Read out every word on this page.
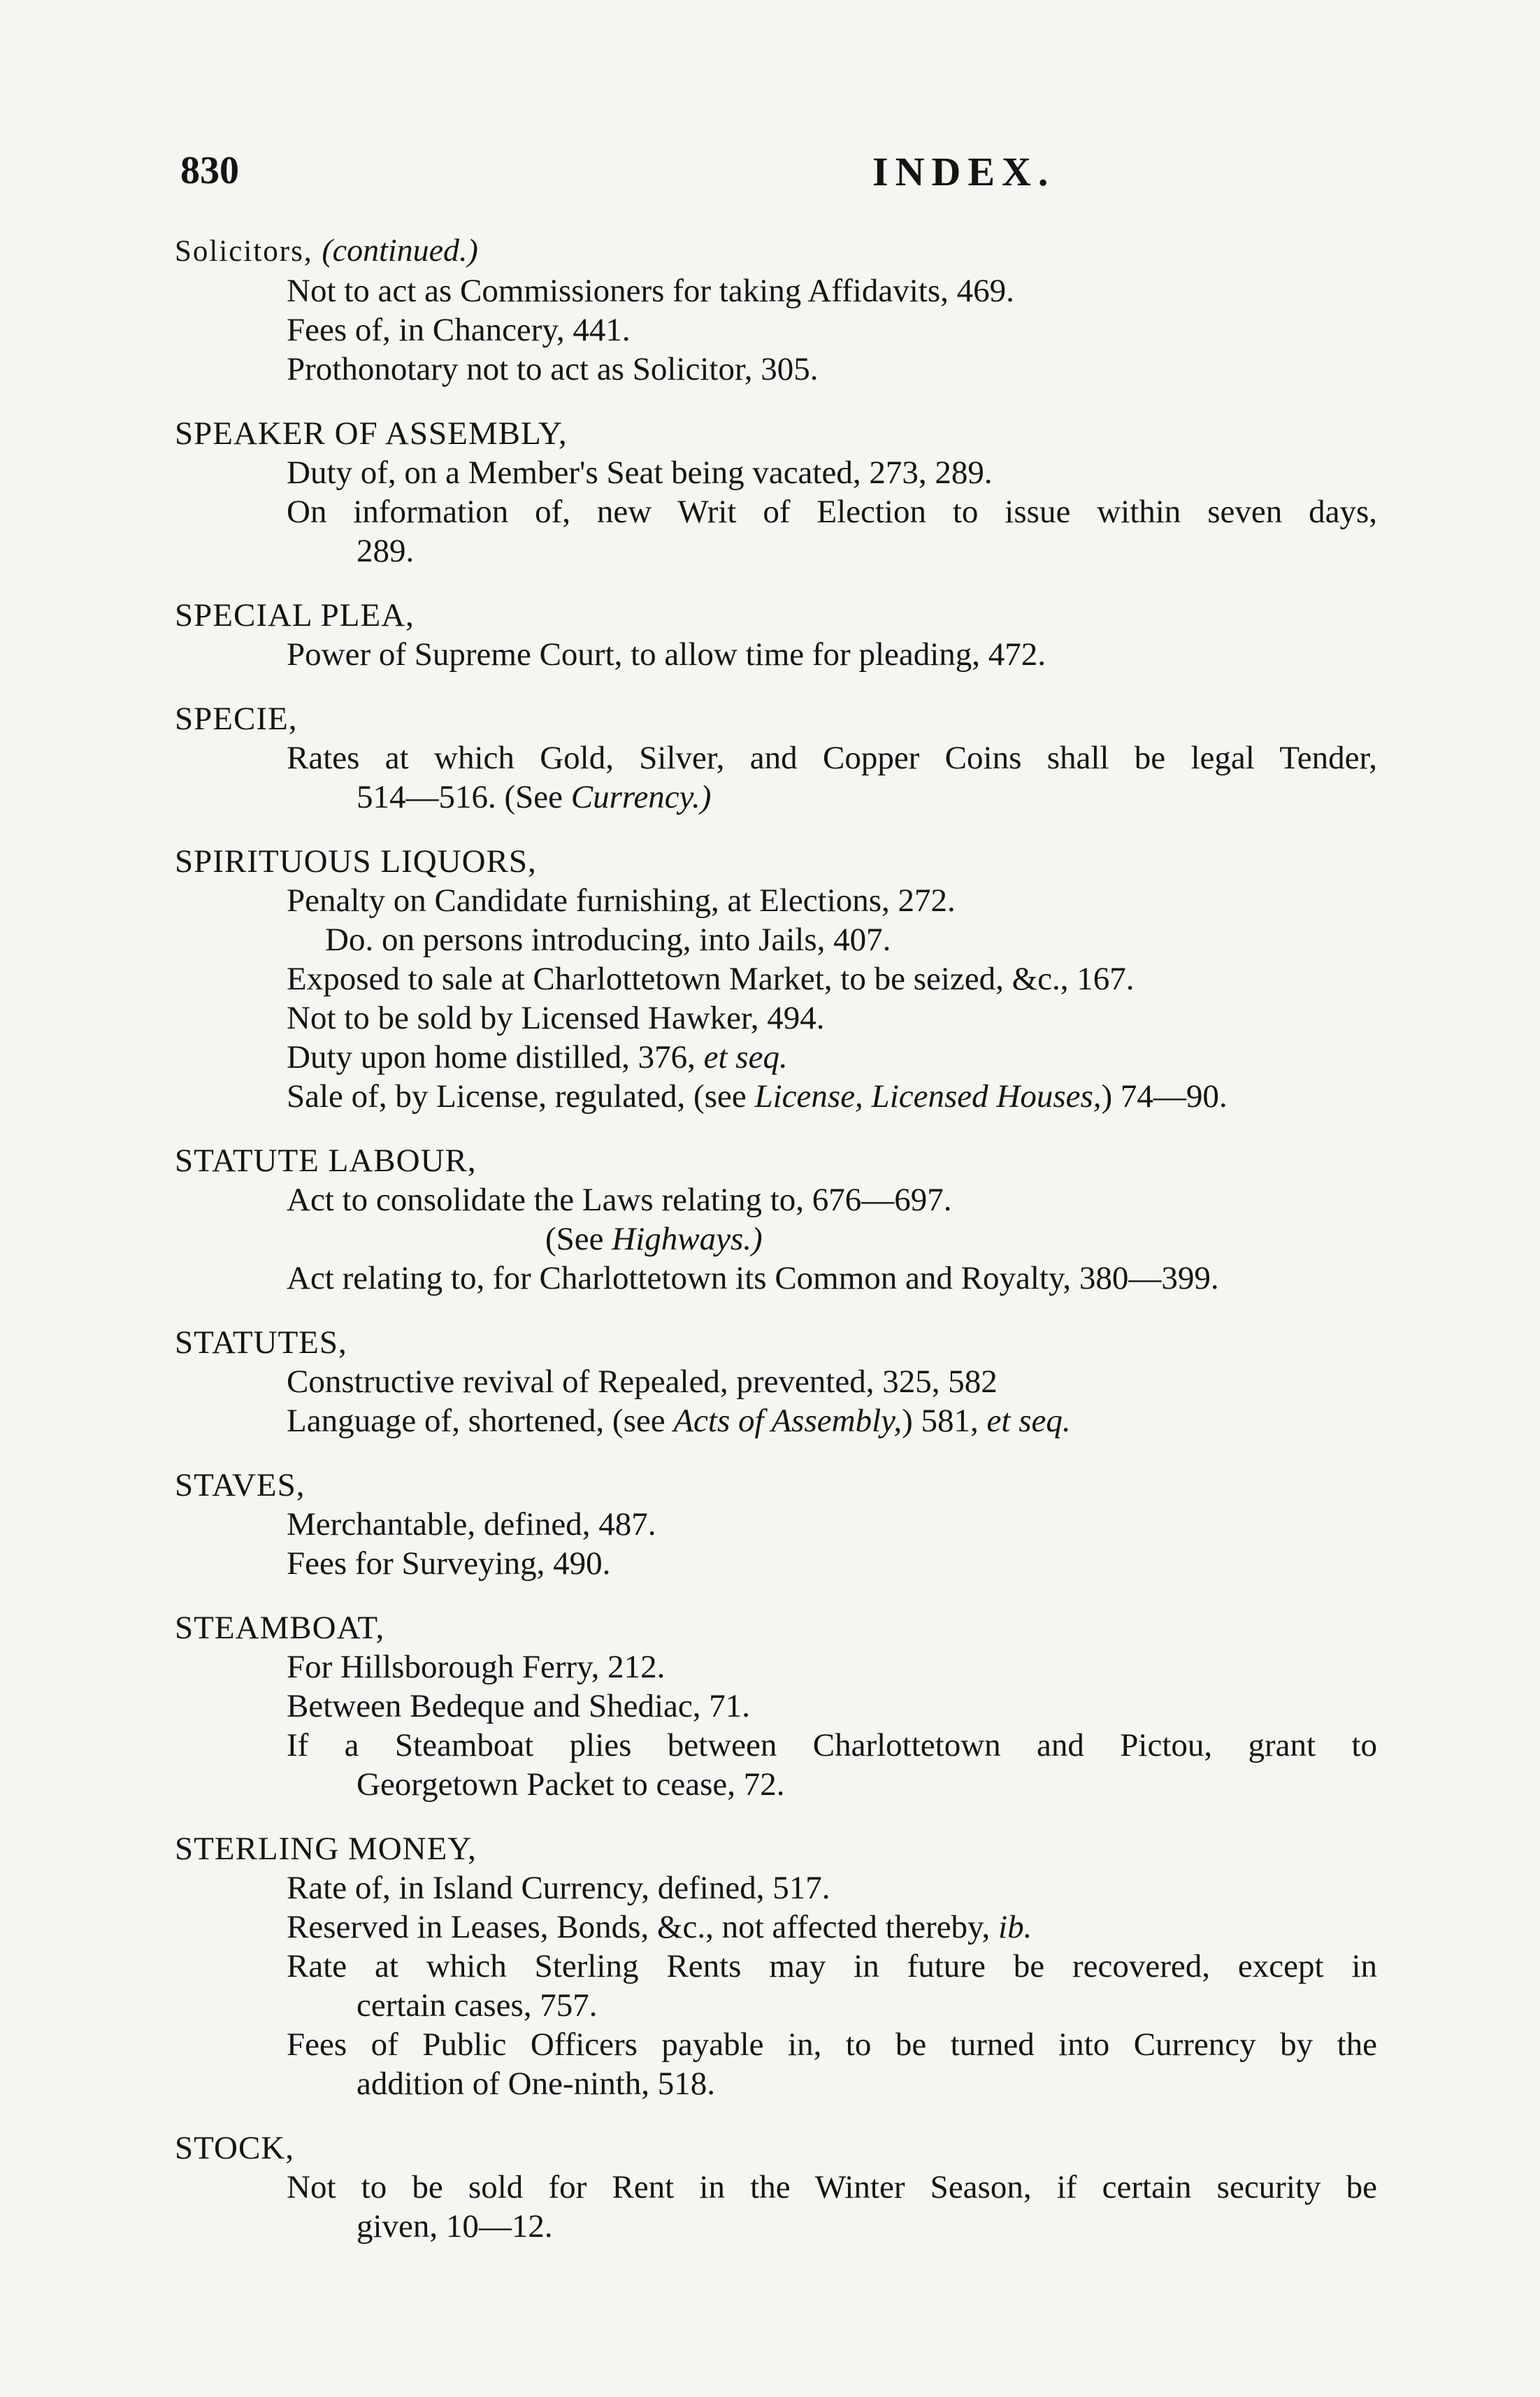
830	INDEX.
Solicitors, (continued.)
Not to act as Commissioners for taking Affidavits, 469.
Fees of, in Chancery, 441.
Prothonotary not to act as Solicitor, 305.
SPEAKER OF ASSEMBLY,
Duty of, on a Member's Seat being vacated, 273, 289.
On information of, new Writ of Election to issue within seven days,
289.
SPECIAL PLEA,
Power of Supreme Court, to allow time for pleading, 472.
SPECIE,
Rates at which Gold, Silver, and Copper Coins shall be legal Tender,
514—516. (See Currency.)
SPIRITUOUS LIQUORS,
Penalty on Candidate furnishing, at Elections, 272.
Do. on persons introducing, into Jails, 407.
Exposed to sale at Charlottetown Market, to be seized, &c., 167.
Not to be sold by Licensed Hawker, 494.
Duty upon home distilled, 376, et seq.
Sale of, by License, regulated, (see License, Licensed Houses,) 74—90.
STATUTE LABOUR,
Act to consolidate the Laws relating to, 676—697.
(See Highways.)
Act relating to, for Charlottetown its Common and Royalty, 380—399.
STATUTES,
Constructive revival of Repealed, prevented, 325, 582
Language of, shortened, (see Acts of Assembly,) 581, et seq.
STAVES,
Merchantable, defined, 487.
Fees for Surveying, 490.
STEAMBOAT,
For Hillsborough Ferry, 212.
Between Bedeque and Shediac, 71.
If a Steamboat plies between Charlottetown and Pictou, grant to
Georgetown Packet to cease, 72.
STERLING MONEY,
Rate of, in Island Currency, defined, 517.
Reserved in Leases, Bonds, &c., not affected thereby, ib.
Rate at which Sterling Rents may in future be recovered, except in
certain cases, 757.
Fees of Public Officers payable in, to be turned into Currency by the
addition of One-ninth, 518.
STOCK,
Not to be sold for Rent in the Winter Season, if certain security be
given, 10—12.
